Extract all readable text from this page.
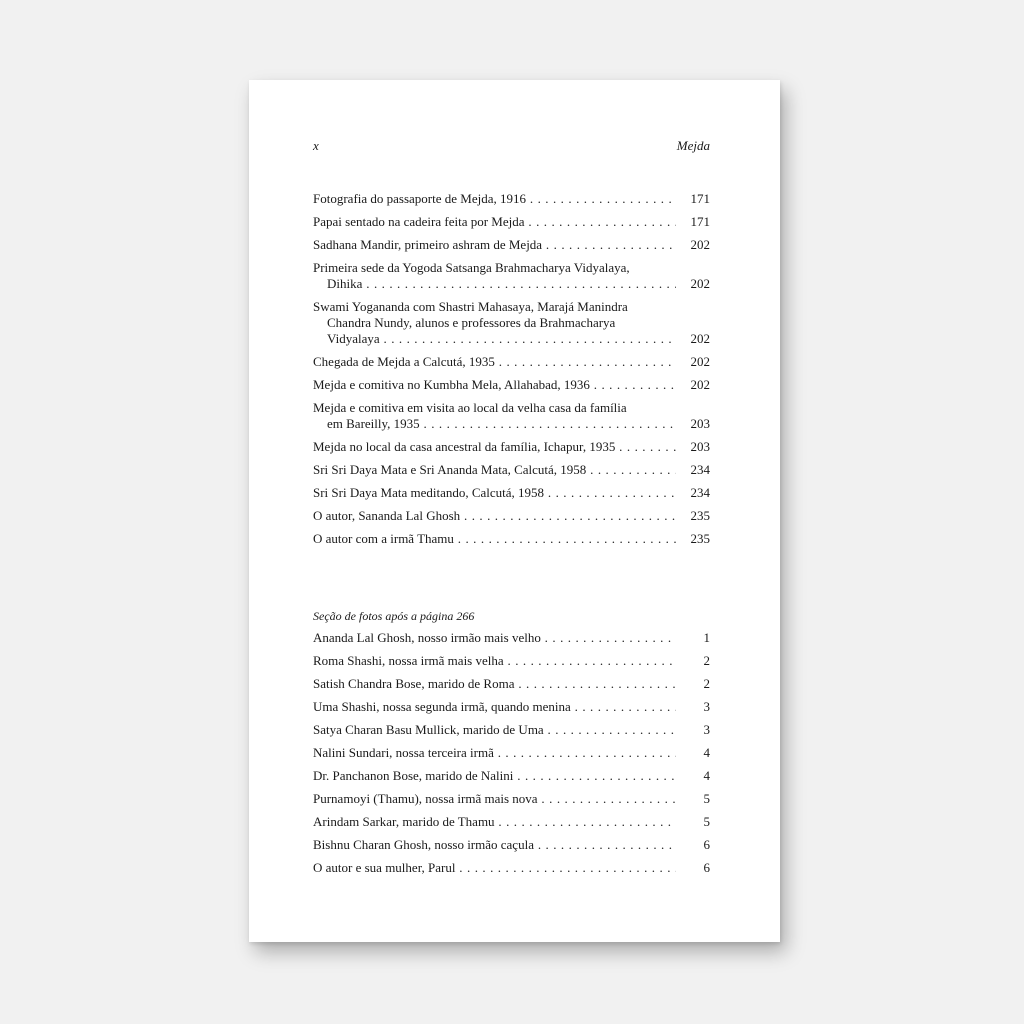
x	Mejda
Fotografia do passaporte de Mejda, 1916 . . .	171
Papai sentado na cadeira feita por Mejda . . .	171
Sadhana Mandir, primeiro ashram de Mejda . . .	202
Primeira sede da Yogoda Satsanga Brahmacharya Vidyalaya,
Dihika . . .	202
Swami Yogananda com Shastri Mahasaya, Marajá Manindra
Chandra Nundy, alunos e professores da Brahmacharya
Vidyalaya . . .	202
Chegada de Mejda a Calcutá, 1935 . . .	202
Mejda e comitiva no Kumbha Mela, Allahabad, 1936 . . .	202
Mejda e comitiva em visita ao local da velha casa da família
em Bareilly, 1935 . . .	203
Mejda no local da casa ancestral da família, Ichapur, 1935 . . .	203
Sri Sri Daya Mata e Sri Ananda Mata, Calcutá, 1958 . . .	234
Sri Sri Daya Mata meditando, Calcutá, 1958 . . .	234
O autor, Sananda Lal Ghosh . . .	235
O autor com a irmã Thamu . . .	235
Seção de fotos após a página 266
Ananda Lal Ghosh, nosso irmão mais velho . . .	1
Roma Shashi, nossa irmã mais velha . . .	2
Satish Chandra Bose, marido de Roma . . .	2
Uma Shashi, nossa segunda irmã, quando menina . . .	3
Satya Charan Basu Mullick, marido de Uma . . .	3
Nalini Sundari, nossa terceira irmã . . .	4
Dr. Panchanon Bose, marido de Nalini . . .	4
Purnamoyi (Thamu), nossa irmã mais nova . . .	5
Arindam Sarkar, marido de Thamu . . .	5
Bishnu Charan Ghosh, nosso irmão caçula . . .	6
O autor e sua mulher, Parul . . .	6
